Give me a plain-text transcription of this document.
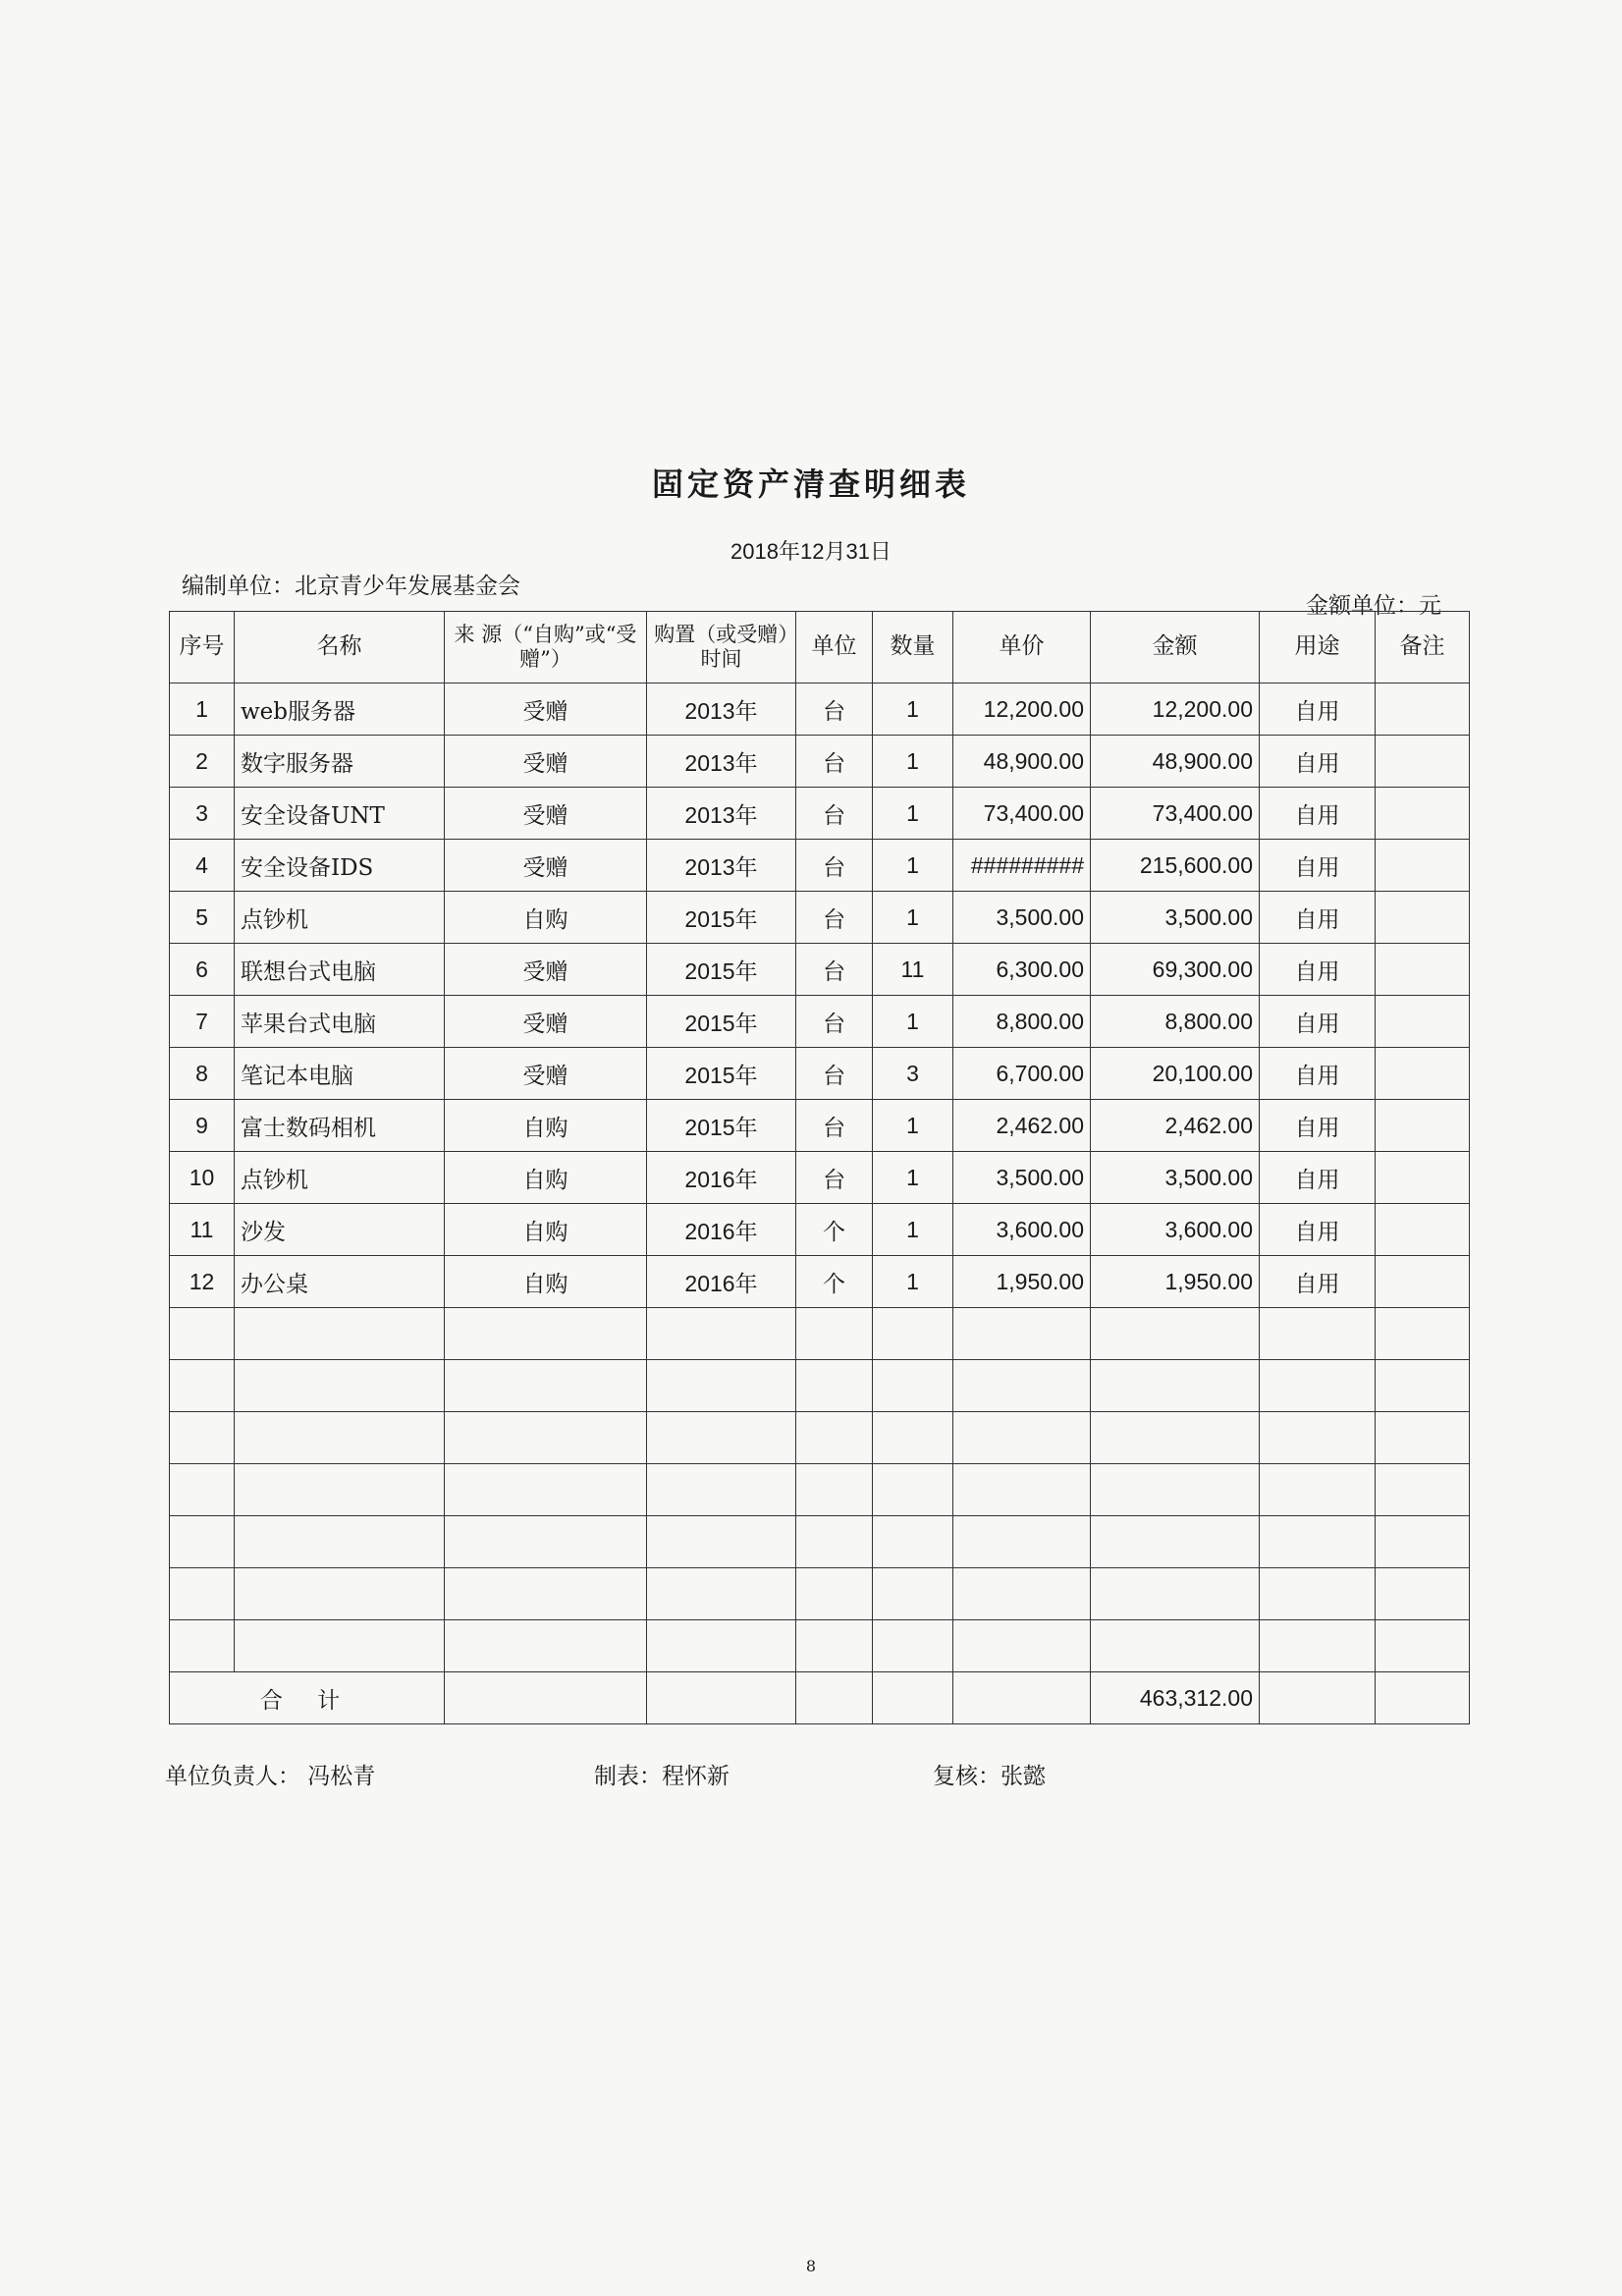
固定资产清查明细表
2018年12月31日
编制单位：北京青少年发展基金会
金额单位：元
序号	名称	来 源（“自购”或“受赠”）	购置（或受赠）时间	单位	数量	单价	金额	用途	备注
1	web服务器	受赠	2013年	台	1	12,200.00	12,200.00	自用	
2	数字服务器	受赠	2013年	台	1	48,900.00	48,900.00	自用	
3	安全设备UNT	受赠	2013年	台	1	73,400.00	73,400.00	自用	
4	安全设备IDS	受赠	2013年	台	1	#########	215,600.00	自用	
5	点钞机	自购	2015年	台	1	3,500.00	3,500.00	自用	
6	联想台式电脑	受赠	2015年	台	11	6,300.00	69,300.00	自用	
7	苹果台式电脑	受赠	2015年	台	1	8,800.00	8,800.00	自用	
8	笔记本电脑	受赠	2015年	台	3	6,700.00	20,100.00	自用	
9	富士数码相机	自购	2015年	台	1	2,462.00	2,462.00	自用	
10	点钞机	自购	2016年	台	1	3,500.00	3,500.00	自用	
11	沙发	自购	2016年	个	1	3,600.00	3,600.00	自用	
12	办公桌	自购	2016年	个	1	1,950.00	1,950.00	自用	

合 计							463,312.00		
单位负责人： 冯松青	制表：程怀新	复核：张懿
8
